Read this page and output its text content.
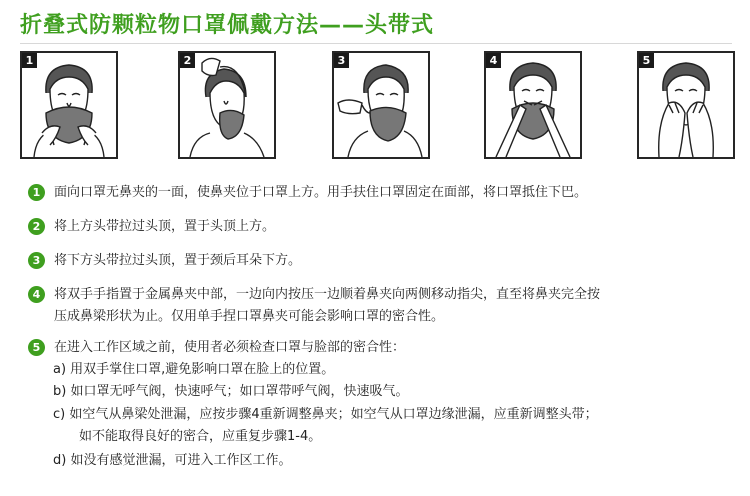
折叠式防颗粒物口罩佩戴方法——头带式
1	2	3	4	5
1	面向口罩无鼻夹的一面，使鼻夹位于口罩上方。用手扶住口罩固定在面部，将口罩抵住下巴。
2	将上方头带拉过头顶，置于头顶上方。
3	将下方头带拉过头顶，置于颈后耳朵下方。
4	将双手手指置于金属鼻夹中部，一边向内按压一边顺着鼻夹向两侧移动指尖，直至将鼻夹完全按
压成鼻梁形状为止。仅用单手捏口罩鼻夹可能会影响口罩的密合性。
5	在进入工作区域之前，使用者必须检查口罩与脸部的密合性：
a) 用双手掌住口罩,避免影响口罩在脸上的位置。
b) 如口罩无呼气阀，快速呼气；如口罩带呼气阀，快速吸气。
c) 如空气从鼻梁处泄漏，应按步骤4重新调整鼻夹；如空气从口罩边缘泄漏，应重新调整头带；
如不能取得良好的密合，应重复步骤1-4。
d) 如没有感觉泄漏，可进入工作区工作。
